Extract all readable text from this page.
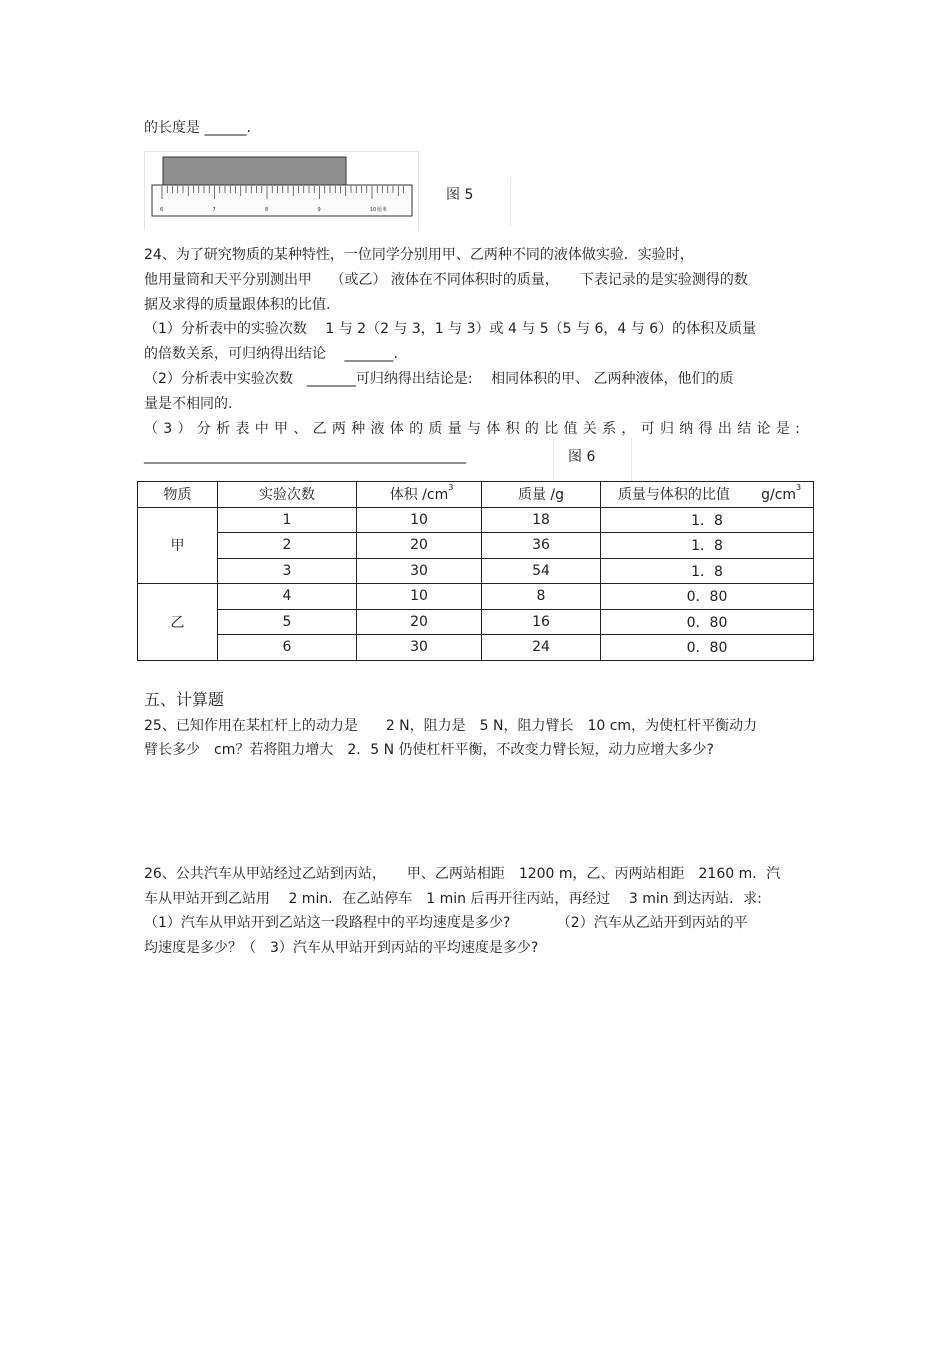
的长度是 ______.
6	7	8	9	10 厘米
图 5
24、为了研究物质的某种特性，一位同学分别用甲、乙两种不同的液体做实验．实验时，
他用量筒和天平分别测出甲　 （或乙） 液体在不同体积时的质量，　　下表记录的是实验测得的数
据及求得的质量跟体积的比值.
（1）分析表中的实验次数　 1 与 2（2 与 3，1 与 3）或 4 与 5（5 与 6，4 与 6）的体积及质量
的倍数关系，可归纳得出结论　 _______.
（2）分析表中实验次数　_______可归纳得出结论是:　 相同体积的甲、 乙两种液体，他们的质
量是不相同的.
（3）分析表中甲、乙两种液体的质量与体积的比值关系，可归纳得出结论是:
______________________________________________	图 6
物质	实验次数	体积 /cm 3	质量 /g	质量与体积的比值 g/cm 3

甲	1	10	18	1．8
	2	20	36	1．8
	3	30	54	1．8
乙	4	10	8	0．80
	5	20	16	0．80
	6	30	24	0．80
五、计算题
25、已知作用在某杠杆上的动力是　　2 N，阻力是　5 N，阻力臂长　10 cm，为使杠杆平衡动力
臂长多少　cm？若将阻力增大　2．5 N 仍使杠杆平衡，不改变力臂长短，动力应增大多少?
26、公共汽车从甲站经过乙站到丙站，　　甲、乙两站相距　1200 m，乙、丙两站相距　2160 m．汽
车从甲站开到乙站用　 2 min．在乙站停车　1 min 后再开往丙站，再经过　 3 min 到达丙站．求:
（1）汽车从甲站开到乙站这一段路程中的平均速度是多少?　　　 （2）汽车从乙站开到丙站的平
均速度是多少？（　3）汽车从甲站开到丙站的平均速度是多少?
